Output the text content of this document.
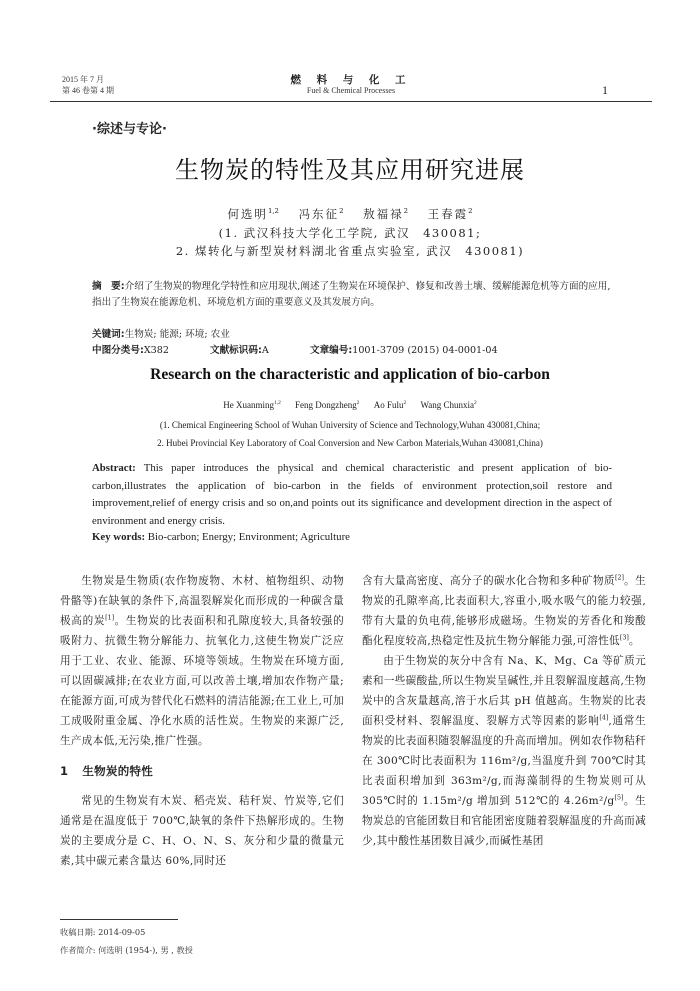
2015 年 7 月
第 46 卷第 4 期
燃 料 与 化 工
Fuel & Chemical Processes	1
·综述与专论·
生物炭的特性及其应用研究进展
何选明$^{1,2}$ 冯东征$^2$ 敖福禄$^2$ 王春霞$^2$
(1. 武汉科技大学化工学院, 武汉　430081;
2. 煤转化与新型炭材料湖北省重点实验室, 武汉　430081)
摘　要:介绍了生物炭的物理化学特性和应用现状,阐述了生物炭在环境保护、修复和改善土壤、缓解能源危机等方面的应用,指出了生物炭在能源危机、环境危机方面的重要意义及其发展方向。
关键词:生物炭; 能源; 环境; 农业
中图分类号:X382	文献标识码:A	文章编号:1001-3709 (2015) 04-0001-04
Research on the characteristic and application of bio-carbon
He Xuanming$^{1,2}$ Feng Dongzheng$^2$ Ao Fulu$^2$ Wang Chunxia$^2$
(1. Chemical Engineering School of Wuhan University of Science and Technology,Wuhan 430081,China;
2. Hubei Provincial Key Laboratory of Coal Conversion and New Carbon Materials,Wuhan 430081,China)
Abstract: This paper introduces the physical and chemical characteristic and present application of bio-carbon,illustrates the application of bio-carbon in the fields of environment protection,soil restore and improvement,relief of energy crisis and so on,and points out its significance and development direction in the aspect of environment and energy crisis.
Key words: Bio-carbon; Energy; Environment; Agriculture

生物炭是生物质(农作物废物、木材、植物组织、动物骨骼等)在缺氧的条件下,高温裂解炭化而形成的一种碳含量极高的炭[1]。生物炭的比表面积和孔隙度较大,具备较强的吸附力、抗微生物分解能力、抗氧化力,这使生物炭广泛应用于工业、农业、能源、环境等领域。生物炭在环境方面,可以固碳减排;在农业方面,可以改善土壤,增加农作物产量;在能源方面,可成为替代化石燃料的清洁能源;在工业上,可加工成吸附重金属、净化水质的活性炭。生物炭的来源广泛,生产成本低,无污染,推广性强。

1 生物炭的特性

常见的生物炭有木炭、稻壳炭、秸秆炭、竹炭等,它们通常是在温度低于 700℃,缺氧的条件下热解形成的。生物炭的主要成分是 C、H、O、N、S、灰分和少量的微量元素,其中碳元素含量达 60%,同时还

含有大量高密度、高分子的碳水化合物和多种矿物质[2]。生物炭的孔隙率高,比表面积大,容重小,吸水吸气的能力较强,带有大量的负电荷,能够形成磁场。生物炭的芳香化和羧酸酯化程度较高,热稳定性及抗生物分解能力强,可溶性低[3]。

由于生物炭的灰分中含有 Na、K、Mg、Ca 等矿质元素和一些碳酸盐,所以生物炭呈碱性,并且裂解温度越高,生物炭中的含灰量越高,溶于水后其 pH 值越高。生物炭的比表面积受材料、裂解温度、裂解方式等因素的影响[4],通常生物炭的比表面积随裂解温度的升高而增加。例如农作物秸秆在 300℃时比表面积为 116m²/g,当温度升到 700℃时其比表面积增加到 363m²/g,而海藻制得的生物炭则可从 305℃时的 1.15m²/g 增加到 512℃的 4.26m²/g[5]。生物炭总的官能团数目和官能团密度随着裂解温度的升高而减少,其中酸性基团数目减少,而碱性基团

收稿日期: 2014-09-05
作者简介: 何选明 (1954-), 男 , 教授
